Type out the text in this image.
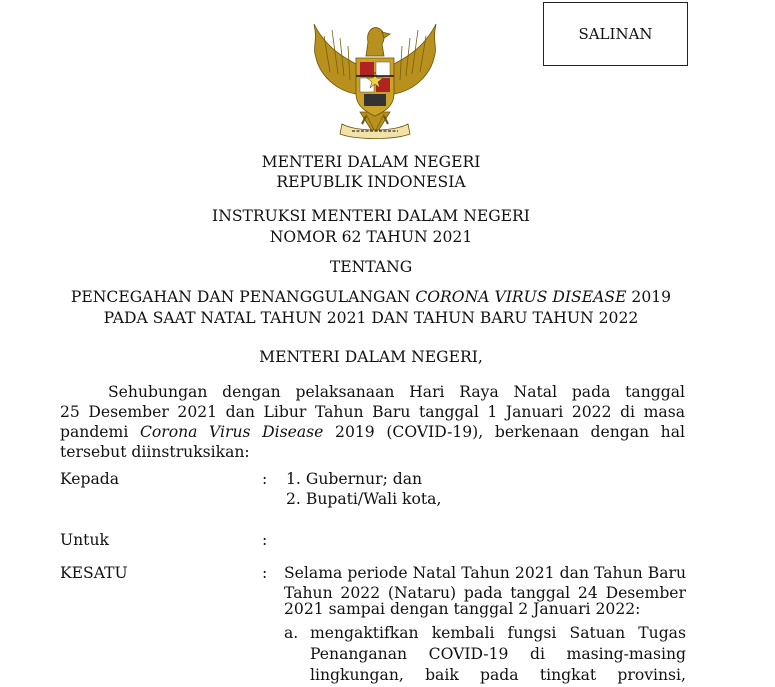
SALINAN
MENTERI DALAM NEGERI
REPUBLIK INDONESIA
INSTRUKSI MENTERI DALAM NEGERI
NOMOR 62 TAHUN 2021
TENTANG
PENCEGAHAN DAN PENANGGULANGAN CORONA VIRUS DISEASE 2019
PADA SAAT NATAL TAHUN 2021 DAN TAHUN BARU TAHUN 2022
MENTERI DALAM NEGERI,
Sehubungan dengan pelaksanaan Hari Raya Natal pada tanggal
25 Desember 2021 dan Libur Tahun Baru tanggal 1 Januari 2022 di masa
pandemi Corona Virus Disease 2019 (COVID-19), berkenaan dengan hal
tersebut diinstruksikan:
Kepada	: 1. Gubernur; dan
2. Bupati/Wali kota,
Untuk	:
KESATU	: Selama periode Natal Tahun 2021 dan Tahun Baru
Tahun 2022 (Nataru) pada tanggal 24 Desember
2021 sampai dengan tanggal 2 Januari 2022:
a. mengaktifkan kembali fungsi Satuan Tugas
Penanganan COVID-19 di masing-masing
lingkungan, baik pada tingkat provinsi,
